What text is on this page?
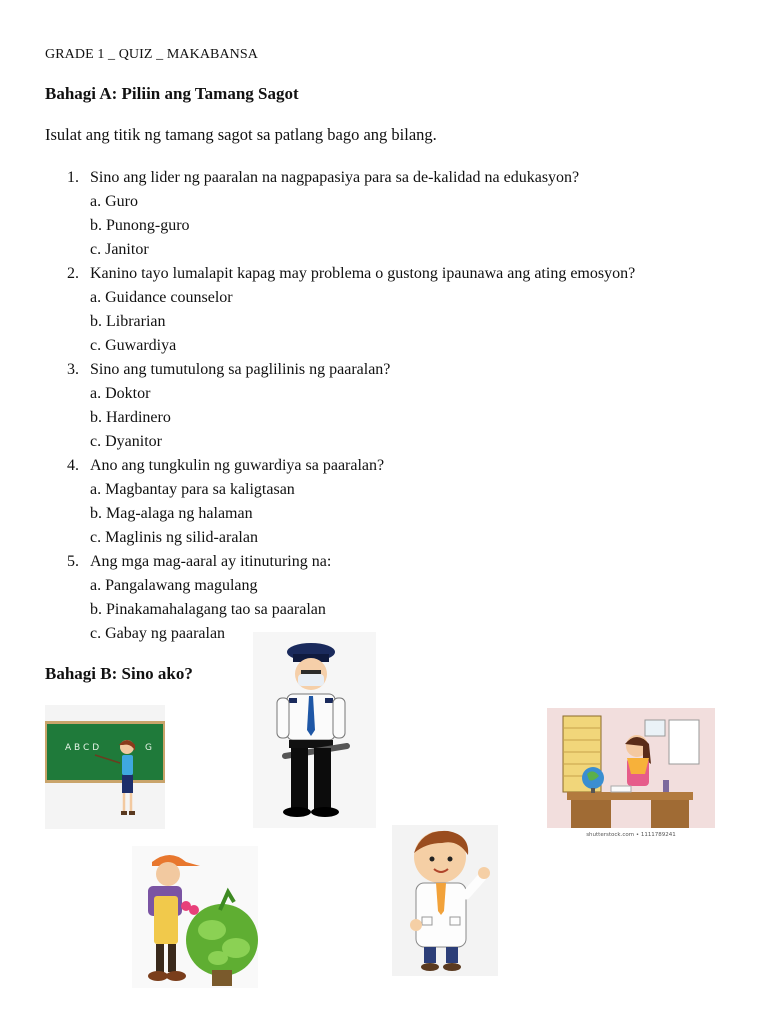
GRADE 1 _ QUIZ _ MAKABANSA
Bahagi A: Piliin ang Tamang Sagot
Isulat ang titik ng tamang sagot sa patlang bago ang bilang.
1. Sino ang lider ng paaralan na nagpapasiya para sa de-kalidad na edukasyon?
a. Guro
b. Punong-guro
c. Janitor
2. Kanino tayo lumalapit kapag may problema o gustong ipaunawa ang ating emosyon?
a. Guidance counselor
b. Librarian
c. Guwardiya
3. Sino ang tumutulong sa paglilinis ng paaralan?
a. Doktor
b. Hardinero
c. Dyanitor
4. Ano ang tungkulin ng guwardiya sa paaralan?
a. Magbantay para sa kaligtasan
b. Mag-alaga ng halaman
c. Maglinis ng silid-aralan
5. Ang mga mag-aaral ay itinuturing na:
a. Pangalawang magulang
b. Pinakamahalagang tao sa paaralan
c. Gabay ng paaralan
Bahagi B: Sino ako?
A B C D	G
shutterstock.com • 1111789241
